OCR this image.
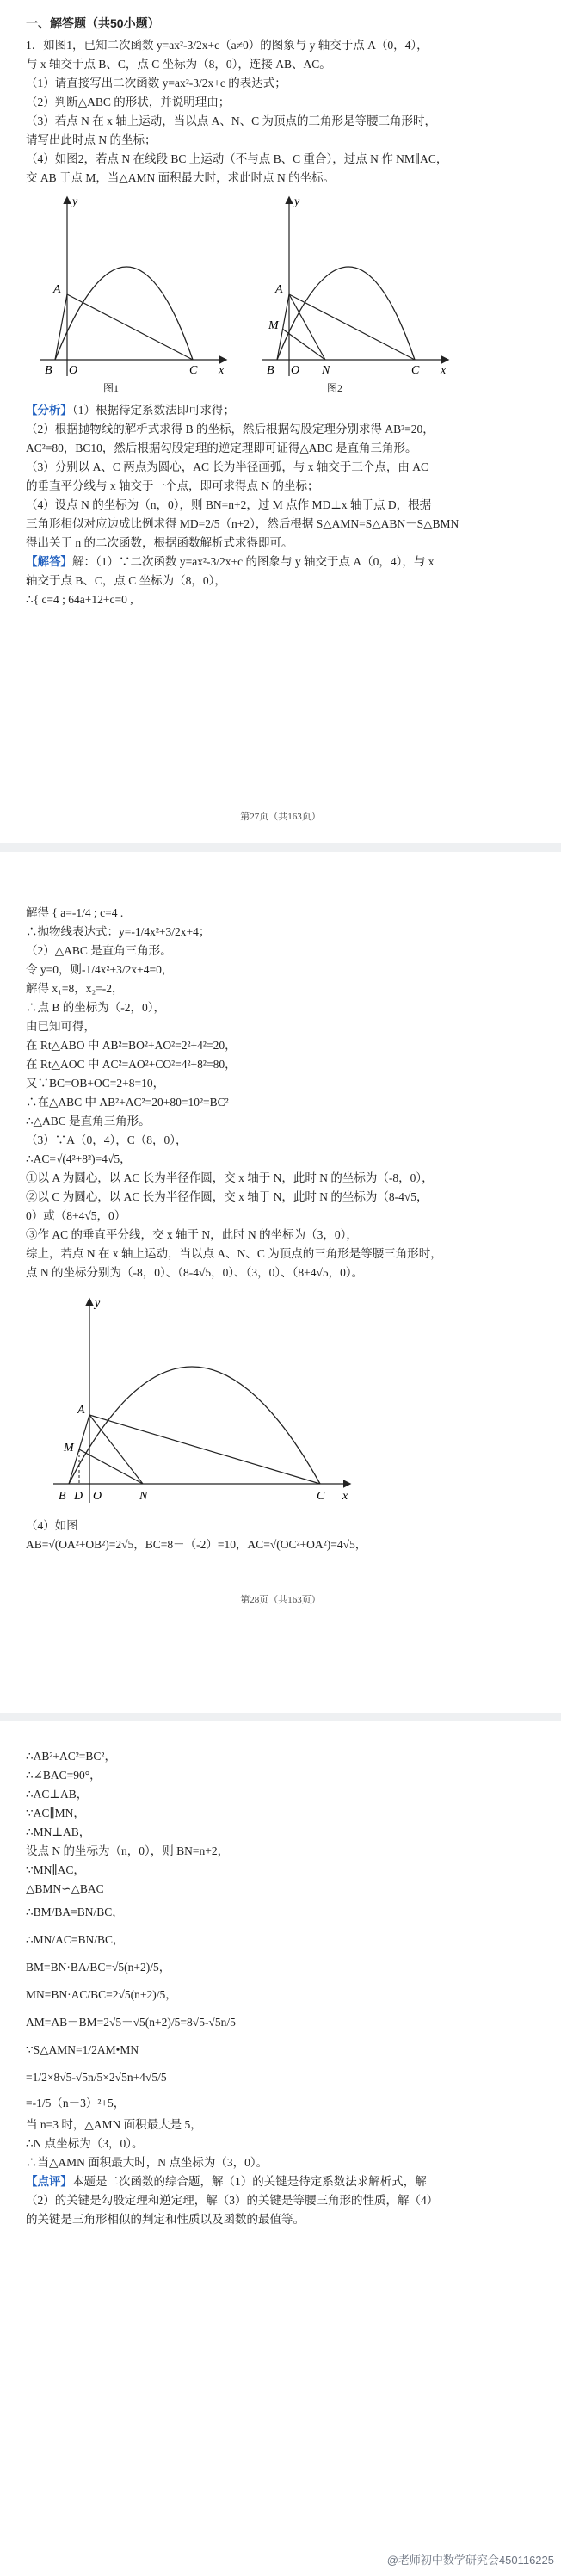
一、解答题（共50小题）
1．如图1，已知二次函数 y=ax²-3/2x+c（a≠0）的图象与 y 轴交于点 A（0，4），
与 x 轴交于点 B、C，点 C 坐标为（8，0），连接 AB、AC。
（1）请直接写出二次函数 y=ax²-3/2x+c 的表达式；
（2）判断△ABC 的形状，并说明理由；
（3）若点 N 在 x 轴上运动，当以点 A、N、C 为顶点的三角形是等腰三角形时，
请写出此时点 N 的坐标；
（4）如图2，若点 N 在线段 BC 上运动（不与点 B、C 重合），过点 N 作 NM∥AC，
交 AB 于点 M，当△AMN 面积最大时，求此时点 N 的坐标。
y
x
A
B O	C
图1
y
x
A
M
B O N	C
图2
【分析】（1）根据待定系数法即可求得；
（2）根据抛物线的解析式求得 B 的坐标，然后根据勾股定理分别求得 AB²=20，
AC²=80，BC10，然后根据勾股定理的逆定理即可证得△ABC 是直角三角形。
（3）分别以 A、C 两点为圆心，AC 长为半径画弧，与 x 轴交于三个点，由 AC
的垂直平分线与 x 轴交于一个点，即可求得点 N 的坐标；
（4）设点 N 的坐标为（n，0），则 BN=n+2，过 M 点作 MD⊥x 轴于点 D，根据
三角形相似对应边成比例求得 MD=2/5（n+2），然后根据 S△AMN=S△ABN－S△BMN
得出关于 n 的二次函数，根据函数解析式求得即可。
【解答】解：（1）∵二次函数 y=ax²-3/2x+c 的图象与 y 轴交于点 A（0，4），与 x
轴交于点 B、C，点 C 坐标为（8，0），
∴{ c=4 ; 64a+12+c=0 ,
第27页（共163页）
解得 { a=-1/4 ; c=4 .
∴抛物线表达式：y=-1/4x²+3/2x+4；
（2）△ABC 是直角三角形。
令 y=0，则-1/4x²+3/2x+4=0，
解得 x₁=8，x₂=-2，
∴点 B 的坐标为（-2，0），
由已知可得，
在 Rt△ABO 中 AB²=BO²+AO²=2²+4²=20，
在 Rt△AOC 中 AC²=AO²+CO²=4²+8²=80，
又∵BC=OB+OC=2+8=10，
∴在△ABC 中 AB²+AC²=20+80=10²=BC²
∴△ABC 是直角三角形。
（3）∵A（0，4），C（8，0），
∴AC=√(4²+8²)=4√5，
①以 A 为圆心，以 AC 长为半径作圆，交 x 轴于 N，此时 N 的坐标为（-8，0），
②以 C 为圆心，以 AC 长为半径作圆，交 x 轴于 N，此时 N 的坐标为（8-4√5，
0）或（8+4√5，0）
③作 AC 的垂直平分线，交 x 轴于 N，此时 N 的坐标为（3，0），
综上，若点 N 在 x 轴上运动，当以点 A、N、C 为顶点的三角形是等腰三角形时，
点 N 的坐标分别为（-8，0）、（8-4√5，0）、（3，0）、（8+4√5，0）。
y
x
A
M
B D O	N	C
（4）如图
AB=√(OA²+OB²)=2√5，BC=8－（-2）=10，AC=√(OC²+OA²)=4√5，
第28页（共163页）
∴AB²+AC²=BC²，
∴∠BAC=90°，
∴AC⊥AB，
∵AC∥MN，
∴MN⊥AB，
设点 N 的坐标为（n，0），则 BN=n+2，
∵MN∥AC，
△BMN∽△BAC
∴BM/BA=BN/BC，
∴MN/AC=BN/BC，
BM=BN·BA/BC=√5(n+2)/5，
MN=BN·AC/BC=2√5(n+2)/5，
AM=AB－BM=2√5－√5(n+2)/5=8√5-√5n/5
∵S△AMN=1/2AM•MN
=1/2×8√5-√5n/5×2√5n+4√5/5
=-1/5（n－3）²+5，
当 n=3 时，△AMN 面积最大是 5，
∴N 点坐标为（3，0）。
∴当△AMN 面积最大时，N 点坐标为（3，0）。
【点评】本题是二次函数的综合题，解（1）的关键是待定系数法求解析式，解
（2）的关键是勾股定理和逆定理，解（3）的关键是等腰三角形的性质，解（4）
的关键是三角形相似的判定和性质以及函数的最值等。
@老师初中数学研究会450116225
